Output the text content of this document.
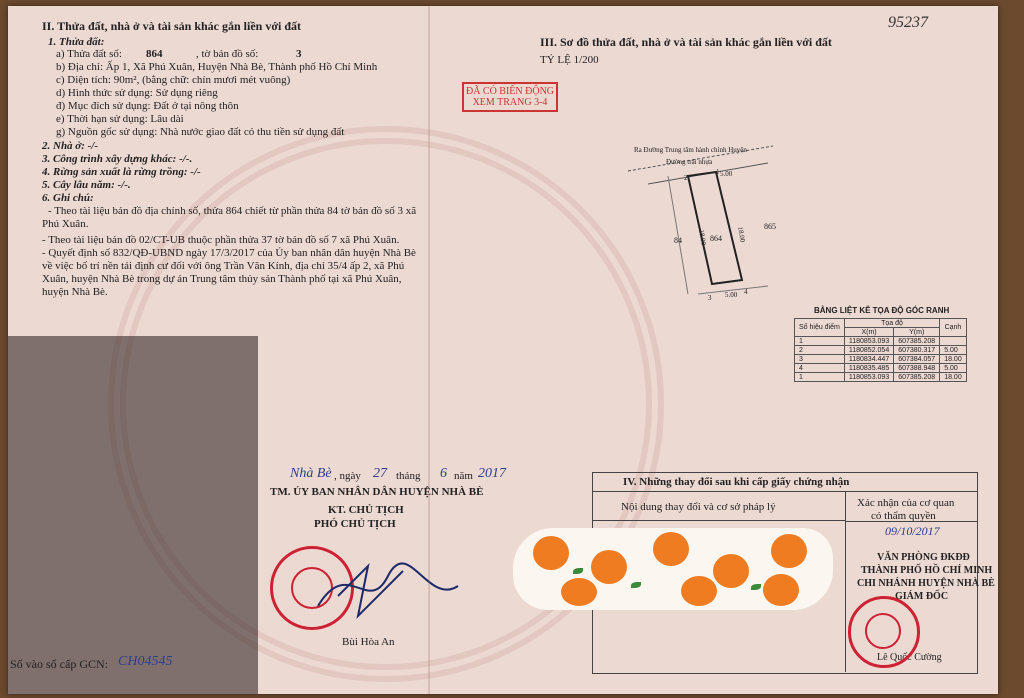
II. Thửa đất, nhà ở và tài sản khác gắn liền với đất
1. Thửa đất:
a) Thửa đất số: 864	, tờ bản đồ số:	3
b) Địa chỉ: Ấp 1, Xã Phú Xuân, Huyện Nhà Bè, Thành phố Hồ Chí Minh
c) Diện tích: 90m², (bằng chữ: chín mươi mét vuông)
d) Hình thức sử dụng: Sử dụng riêng
đ) Mục đích sử dụng: Đất ở tại nông thôn
e) Thời hạn sử dụng: Lâu dài
g) Nguồn gốc sử dụng: Nhà nước giao đất có thu tiền sử dụng đất
2. Nhà ở: -/-
3. Công trình xây dựng khác: -/-.
4. Rừng sản xuất là rừng trồng: -/-
5. Cây lâu năm: -/-.
6. Ghi chú:
- Theo tài liệu bản đồ địa chính số, thửa 864 chiết từ phần thửa 84 tờ bản đồ số 3 xã
Phú Xuân.
- Theo tài liệu bản đồ 02/CT-UB thuộc phần thửa 37 tờ bản đồ số 7 xã Phú Xuân.
- Quyết định số 832/QĐ-UBND ngày 17/3/2017 của Ủy ban nhân dân huyện Nhà Bè
về việc bố trí nền tái định cư đối với ông Trần Văn Kính, địa chỉ 35/4 ấp 2, xã Phú
Xuân, huyện Nhà Bè trong dự án Trung tâm thủy sản Thành phố tại xã Phú Xuân,
huyện Nhà Bè.
Nhà Bè , ngày 27 tháng 6 năm 2017
TM. ỦY BAN NHÂN DÂN HUYỆN NHÀ BÈ
KT. CHỦ TỊCH
PHÓ CHỦ TỊCH
Bùi Hòa An
Số vào sổ cấp GCN: CH04545
95237
III. Sơ đồ thửa đất, nhà ở và tài sản khác gắn liền với đất
TỶ LỆ 1/200
ĐÃ CÓ BIẾN ĐỘNG
XEM TRANG 3-4
Ra Đường Trung tâm hành chính Huyện
Đường trải nhựa
5.00
864
84
865
18.00	18.00
5.00
1
2
3
4
BẢNG LIỆT KÊ TỌA ĐỘ GÓC RANH
Số hiệu điểm	Tọa độ		Cạnh
	X(m)	Y(m)	
1	1180853.093	607385.208	
2	1180852.054	607380.317	5.00
3	1180834.447	607384.057	18.00
4	1180835.485	607388.948	5.00
1	1180853.093	607385.208	18.00
IV. Những thay đổi sau khi cấp giấy chứng nhận
Nội dung thay đổi và cơ sở pháp lý	Xác nhận của cơ quan
có thẩm quyền
09/10/2017
VĂN PHÒNG ĐKĐĐ
THÀNH PHỐ HỒ CHÍ MINH
CHI NHÁNH HUYỆN NHÀ BÈ
GIÁM ĐỐC
Lê Quốc Cường
